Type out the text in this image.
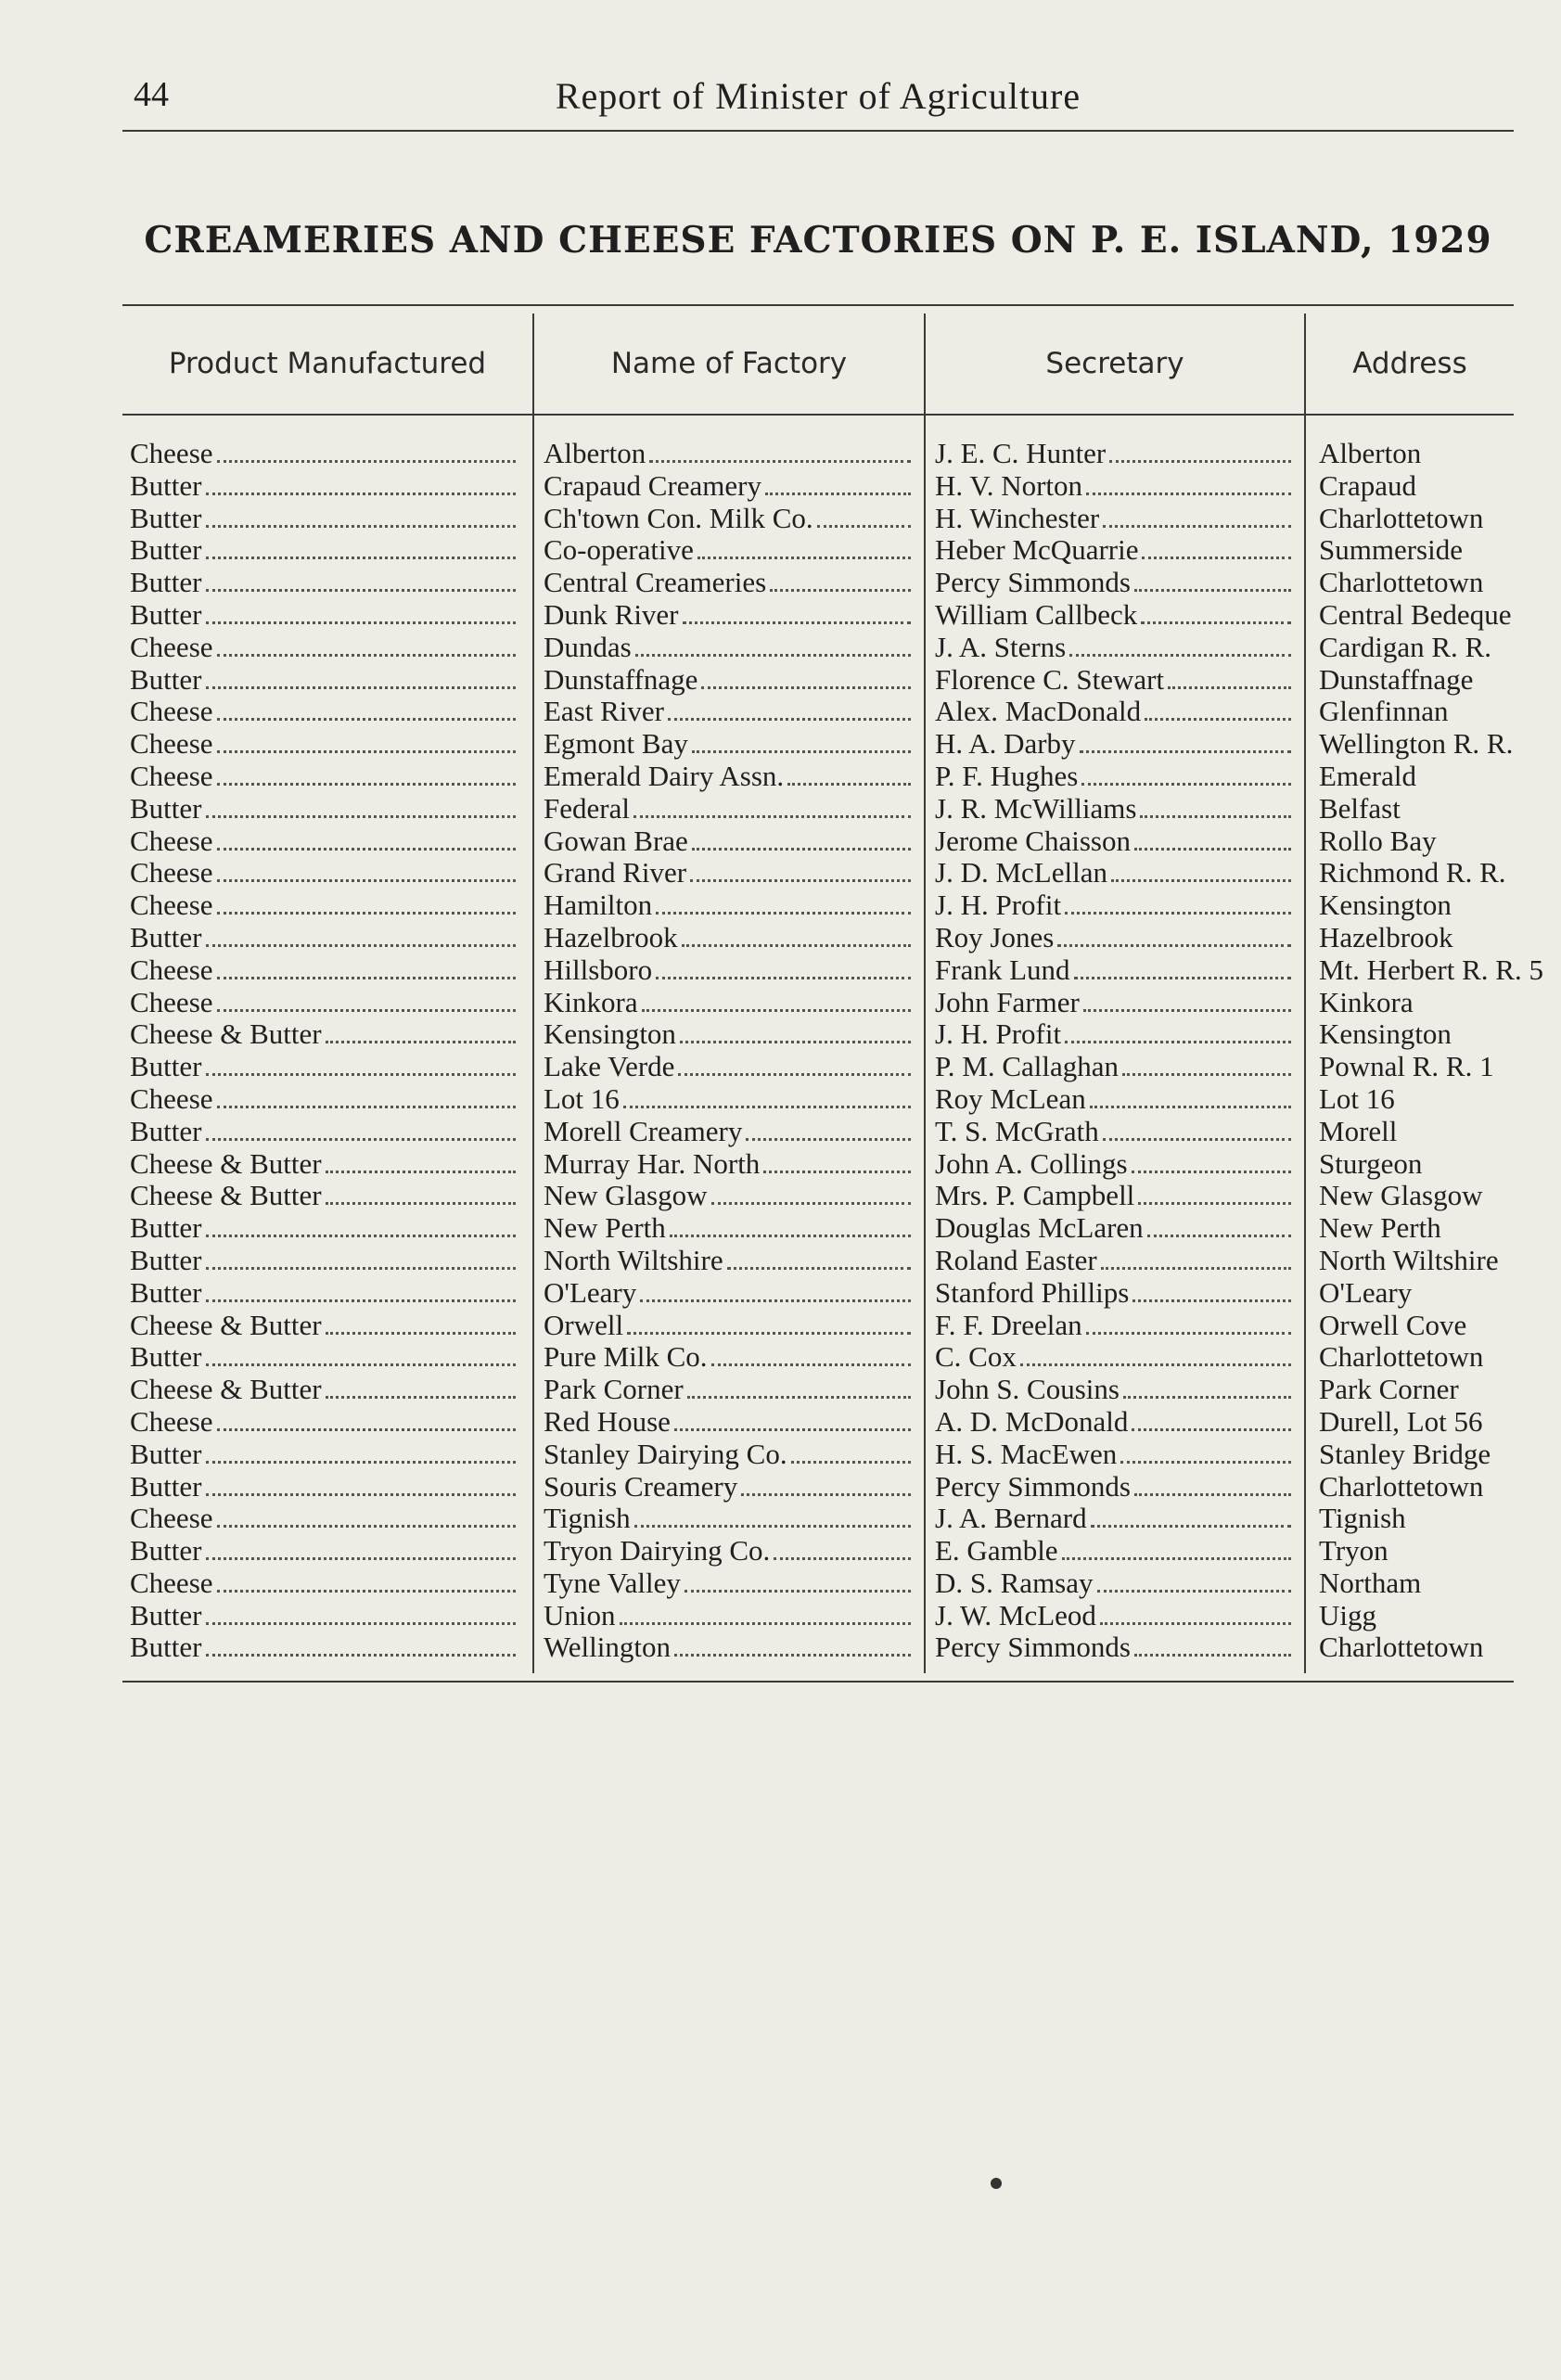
44	Report of Minister of Agriculture
CREAMERIES AND CHEESE FACTORIES ON P. E. ISLAND, 1929
Product Manufactured	Name of Factory	Secretary	Address
Cheese	Alberton	J. E. C. Hunter	Alberton
Butter	Crapaud Creamery	H. V. Norton	Crapaud
Butter	Ch'town Con. Milk Co.	H. Winchester	Charlottetown
Butter	Co-operative	Heber McQuarrie	Summerside
Butter	Central Creameries	Percy Simmonds	Charlottetown
Butter	Dunk River	William Callbeck	Central Bedeque
Cheese	Dundas	J. A. Sterns	Cardigan R. R.
Butter	Dunstaffnage	Florence C. Stewart	Dunstaffnage
Cheese	East River	Alex. MacDonald	Glenfinnan
Cheese	Egmont Bay	H. A. Darby	Wellington R. R.
Cheese	Emerald Dairy Assn.	P. F. Hughes	Emerald
Butter	Federal	J. R. McWilliams	Belfast
Cheese	Gowan Brae	Jerome Chaisson	Rollo Bay
Cheese	Grand River	J. D. McLellan	Richmond R. R.
Cheese	Hamilton	J. H. Profit	Kensington
Butter	Hazelbrook	Roy Jones	Hazelbrook
Cheese	Hillsboro	Frank Lund	Mt. Herbert R. R. 5
Cheese	Kinkora	John Farmer	Kinkora
Cheese & Butter	Kensington	J. H. Profit	Kensington
Butter	Lake Verde	P. M. Callaghan	Pownal R. R. 1
Cheese	Lot 16	Roy McLean	Lot 16
Butter	Morell Creamery	T. S. McGrath	Morell
Cheese & Butter	Murray Har. North	John A. Collings	Sturgeon
Cheese & Butter	New Glasgow	Mrs. P. Campbell	New Glasgow
Butter	New Perth	Douglas McLaren	New Perth
Butter	North Wiltshire	Roland Easter	North Wiltshire
Butter	O'Leary	Stanford Phillips	O'Leary
Cheese & Butter	Orwell	F. F. Dreelan	Orwell Cove
Butter	Pure Milk Co.	C. Cox	Charlottetown
Cheese & Butter	Park Corner	John S. Cousins	Park Corner
Cheese	Red House	A. D. McDonald	Durell, Lot 56
Butter	Stanley Dairying Co.	H. S. MacEwen	Stanley Bridge
Butter	Souris Creamery	Percy Simmonds	Charlottetown
Cheese	Tignish	J. A. Bernard	Tignish
Butter	Tryon Dairying Co.	E. Gamble	Tryon
Cheese	Tyne Valley	D. S. Ramsay	Northam
Butter	Union	J. W. McLeod	Uigg
Butter	Wellington	Percy Simmonds	Charlottetown
